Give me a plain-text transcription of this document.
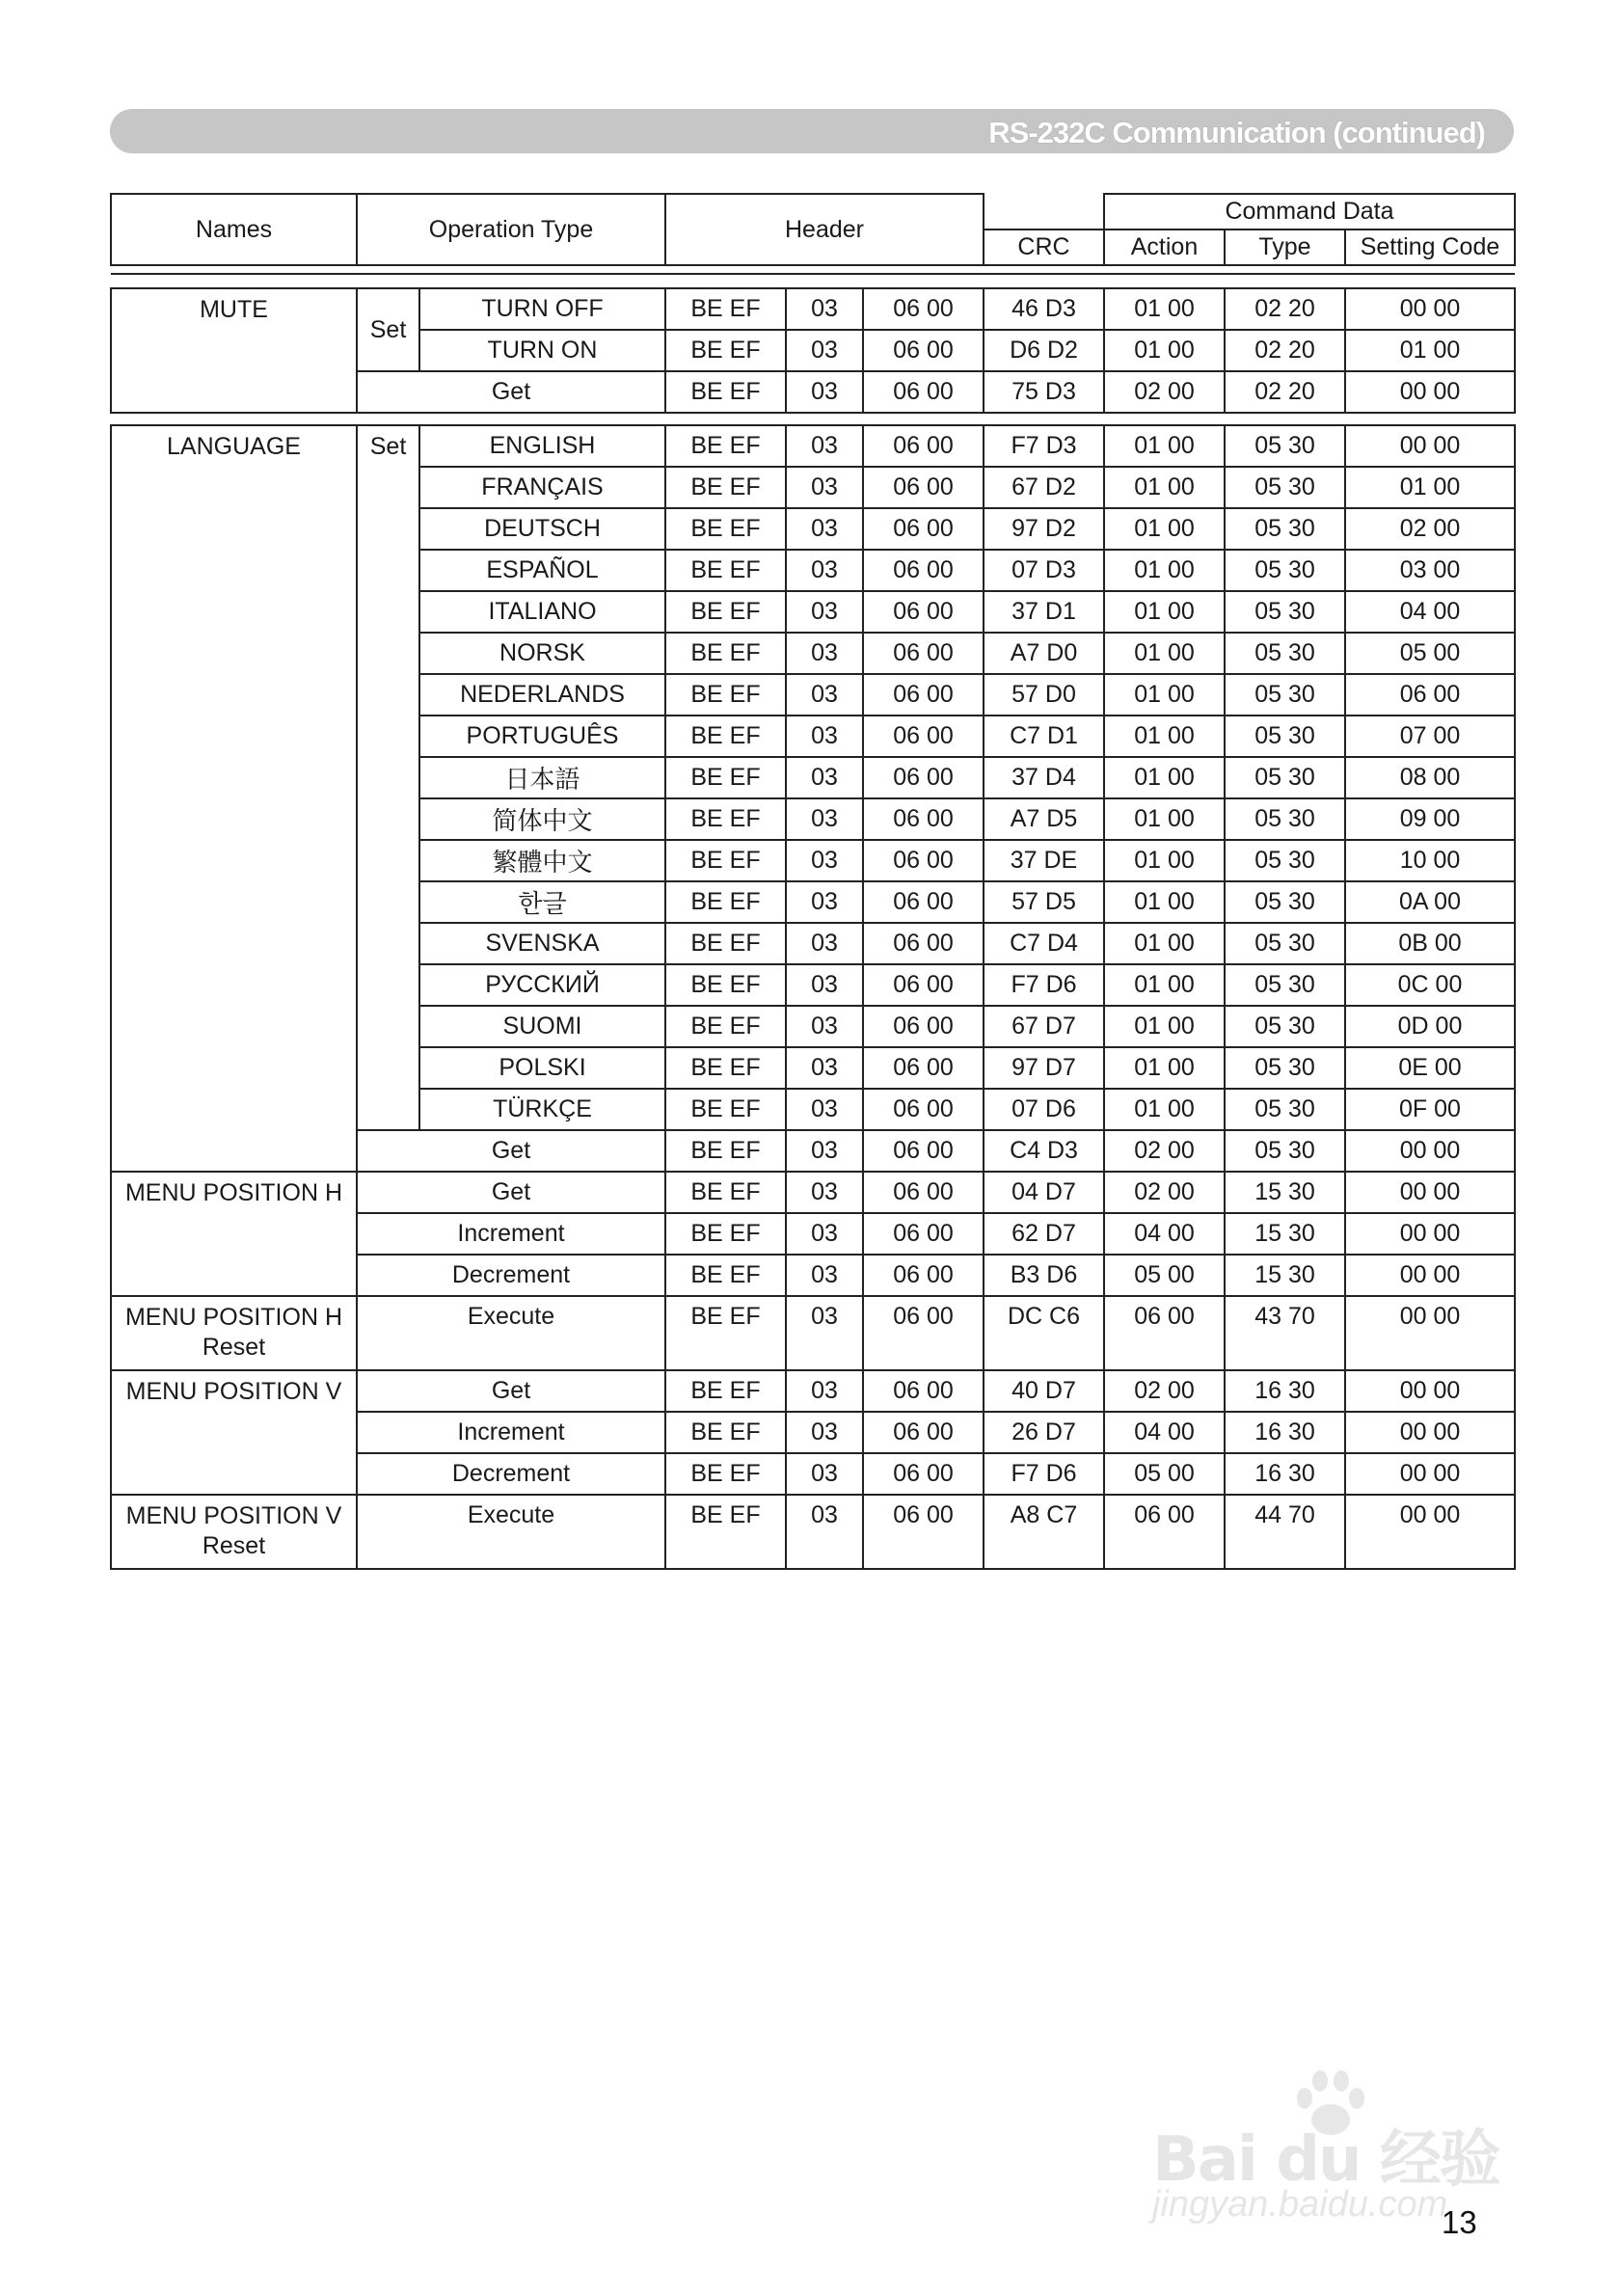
RS-232C Communication (continued)
Names	Operation Type	Header		Command Data		
			CRC	Action	Type	Setting Code

MUTE	Set	TURN OFF	BE EF	03	06 00	46 D3	01 00	02 20	00 00
		TURN ON	BE EF	03	06 00	D6 D2	01 00	02 20	01 00
	Get		BE EF	03	06 00	75 D3	02 00	02 20	00 00
LANGUAGE	Set	ENGLISH	BE EF	03	06 00	F7 D3	01 00	05 30	00 00
		FRANÇAIS	BE EF	03	06 00	67 D2	01 00	05 30	01 00
		DEUTSCH	BE EF	03	06 00	97 D2	01 00	05 30	02 00
		ESPAÑOL	BE EF	03	06 00	07 D3	01 00	05 30	03 00
		ITALIANO	BE EF	03	06 00	37 D1	01 00	05 30	04 00
		NORSK	BE EF	03	06 00	A7 D0	01 00	05 30	05 00
		NEDERLANDS	BE EF	03	06 00	57 D0	01 00	05 30	06 00
		PORTUGUÊS	BE EF	03	06 00	C7 D1	01 00	05 30	07 00
		日本語	BE EF	03	06 00	37 D4	01 00	05 30	08 00
		简体中文	BE EF	03	06 00	A7 D5	01 00	05 30	09 00
		繁體中文	BE EF	03	06 00	37 DE	01 00	05 30	10 00
		한글	BE EF	03	06 00	57 D5	01 00	05 30	0A 00
		SVENSKA	BE EF	03	06 00	C7 D4	01 00	05 30	0B 00
		РУССКИЙ	BE EF	03	06 00	F7 D6	01 00	05 30	0C 00
		SUOMI	BE EF	03	06 00	67 D7	01 00	05 30	0D 00
		POLSKI	BE EF	03	06 00	97 D7	01 00	05 30	0E 00
		TÜRKÇE	BE EF	03	06 00	07 D6	01 00	05 30	0F 00
	Get		BE EF	03	06 00	C4 D3	02 00	05 30	00 00
MENU POSITION H	Get		BE EF	03	06 00	04 D7	02 00	15 30	00 00
	Increment		BE EF	03	06 00	62 D7	04 00	15 30	00 00
	Decrement		BE EF	03	06 00	B3 D6	05 00	15 30	00 00
MENU POSITION H
Reset	Execute		BE EF	03	06 00	DC C6	06 00	43 70	00 00
MENU POSITION V	Get		BE EF	03	06 00	40 D7	02 00	16 30	00 00
	Increment		BE EF	03	06 00	26 D7	04 00	16 30	00 00
	Decrement		BE EF	03	06 00	F7 D6	05 00	16 30	00 00
MENU POSITION V
Reset	Execute		BE EF	03	06 00	A8 C7	06 00	44 70	00 00
Bai du 经验
jingyan.baidu.com
13
